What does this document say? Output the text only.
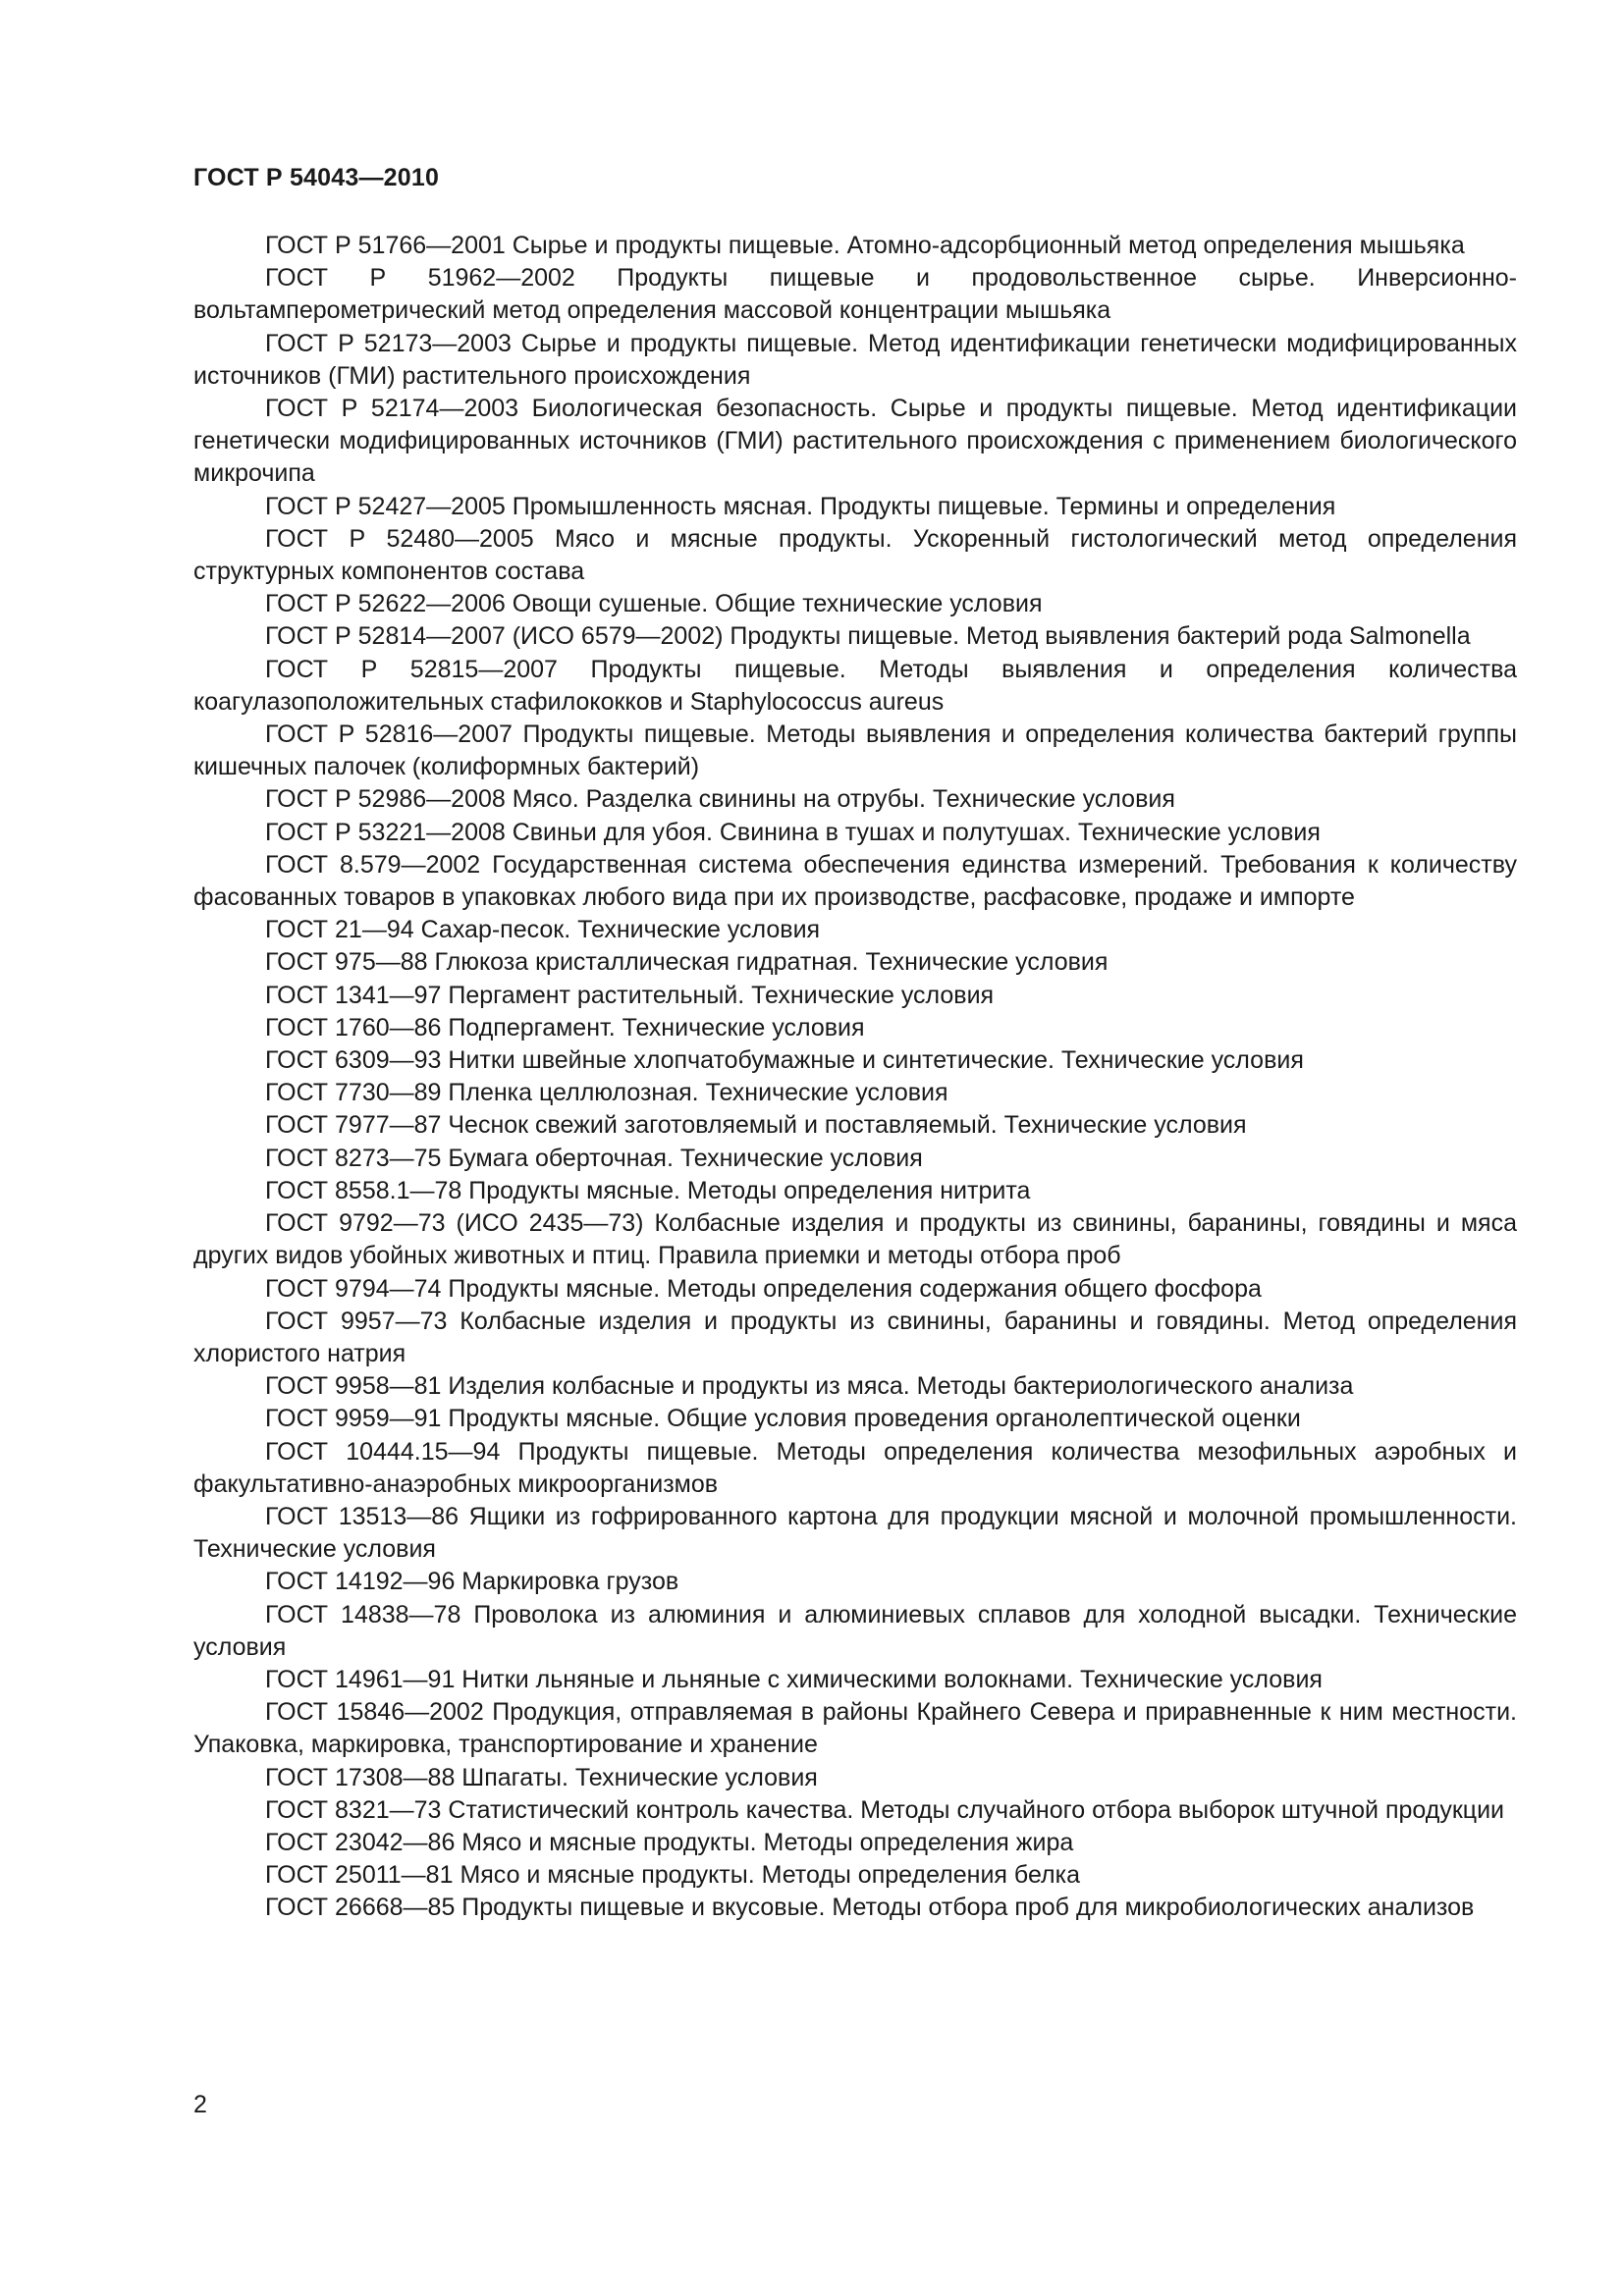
ГОСТ Р 54043—2010

ГОСТ Р 51766—2001 Сырье и продукты пищевые. Атомно-адсорбционный метод определения мышьяка

ГОСТ Р 51962—2002 Продукты пищевые и продовольственное сырье. Инверсионно-вольтамперометрический метод определения массовой концентрации мышьяка

ГОСТ Р 52173—2003 Сырье и продукты пищевые. Метод идентификации генетически модифицированных источников (ГМИ) растительного происхождения

ГОСТ Р 52174—2003 Биологическая безопасность. Сырье и продукты пищевые. Метод идентификации генетически модифицированных источников (ГМИ) растительного происхождения с применением биологического микрочипа

ГОСТ Р 52427—2005 Промышленность мясная. Продукты пищевые. Термины и определения

ГОСТ Р 52480—2005 Мясо и мясные продукты. Ускоренный гистологический метод определения структурных компонентов состава

ГОСТ Р 52622—2006 Овощи сушеные. Общие технические условия

ГОСТ Р 52814—2007 (ИСО 6579—2002) Продукты пищевые. Метод выявления бактерий рода Salmonella

ГОСТ Р 52815—2007 Продукты пищевые. Методы выявления и определения количества коагулазоположительных стафилококков и Staphylococcus aureus

ГОСТ Р 52816—2007 Продукты пищевые. Методы выявления и определения количества бактерий группы кишечных палочек (колиформных бактерий)

ГОСТ Р 52986—2008 Мясо. Разделка свинины на отрубы. Технические условия

ГОСТ Р 53221—2008 Свиньи для убоя. Свинина в тушах и полутушах. Технические условия

ГОСТ 8.579—2002 Государственная система обеспечения единства измерений. Требования к количеству фасованных товаров в упаковках любого вида при их производстве, расфасовке, продаже и импорте

ГОСТ 21—94 Сахар-песок. Технические условия

ГОСТ 975—88 Глюкоза кристаллическая гидратная. Технические условия

ГОСТ 1341—97 Пергамент растительный. Технические условия

ГОСТ 1760—86 Подпергамент. Технические условия

ГОСТ 6309—93 Нитки швейные хлопчатобумажные и синтетические. Технические условия

ГОСТ 7730—89 Пленка целлюлозная. Технические условия

ГОСТ 7977—87 Чеснок свежий заготовляемый и поставляемый. Технические условия

ГОСТ 8273—75 Бумага оберточная. Технические условия

ГОСТ 8558.1—78 Продукты мясные. Методы определения нитрита

ГОСТ 9792—73 (ИСО 2435—73) Колбасные изделия и продукты из свинины, баранины, говядины и мяса других видов убойных животных и птиц. Правила приемки и методы отбора проб

ГОСТ 9794—74 Продукты мясные. Методы определения содержания общего фосфора

ГОСТ 9957—73 Колбасные изделия и продукты из свинины, баранины и говядины. Метод определения хлористого натрия

ГОСТ 9958—81 Изделия колбасные и продукты из мяса. Методы бактериологического анализа

ГОСТ 9959—91 Продукты мясные. Общие условия проведения органолептической оценки

ГОСТ 10444.15—94 Продукты пищевые. Методы определения количества мезофильных аэробных и факультативно-анаэробных микроорганизмов

ГОСТ 13513—86 Ящики из гофрированного картона для продукции мясной и молочной промышленности. Технические условия

ГОСТ 14192—96 Маркировка грузов

ГОСТ 14838—78 Проволока из алюминия и алюминиевых сплавов для холодной высадки. Технические условия

ГОСТ 14961—91 Нитки льняные и льняные с химическими волокнами. Технические условия

ГОСТ 15846—2002 Продукция, отправляемая в районы Крайнего Севера и приравненные к ним местности. Упаковка, маркировка, транспортирование и хранение

ГОСТ 17308—88 Шпагаты. Технические условия

ГОСТ 8321—73 Статистический контроль качества. Методы случайного отбора выборок штучной продукции

ГОСТ 23042—86 Мясо и мясные продукты. Методы определения жира

ГОСТ 25011—81 Мясо и мясные продукты. Методы определения белка

ГОСТ 26668—85 Продукты пищевые и вкусовые. Методы отбора проб для микробиологических анализов

2
